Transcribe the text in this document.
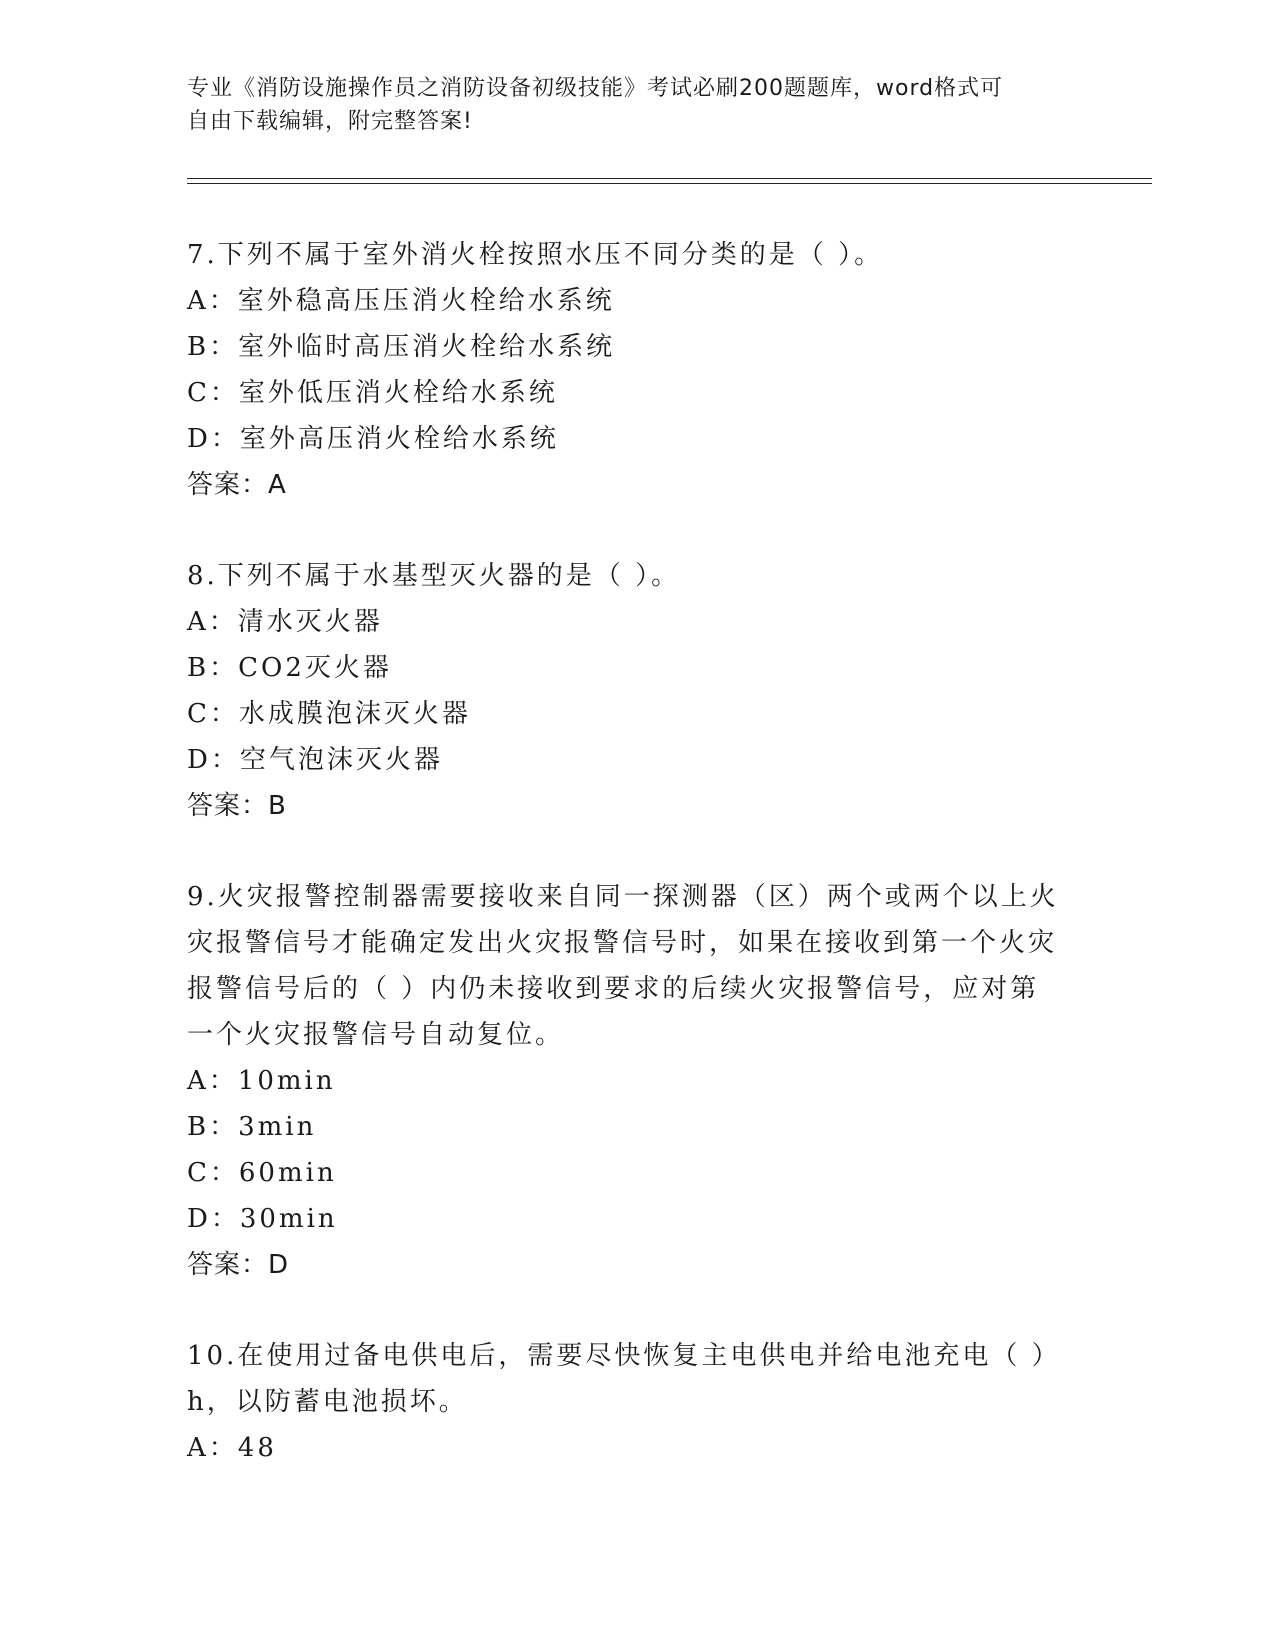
专业《消防设施操作员之消防设备初级技能》考试必刷200题题库，word格式可
自由下载编辑，附完整答案!
7.下列不属于室外消火栓按照水压不同分类的是（ ）。
A：室外稳高压压消火栓给水系统
B：室外临时高压消火栓给水系统
C：室外低压消火栓给水系统
D：室外高压消火栓给水系统
答案：A
8.下列不属于水基型灭火器的是（ ）。
A：清水灭火器
B：CO2灭火器
C：水成膜泡沫灭火器
D：空气泡沫灭火器
答案：B
9.火灾报警控制器需要接收来自同一探测器（区）两个或两个以上火
灾报警信号才能确定发出火灾报警信号时，如果在接收到第一个火灾
报警信号后的（ ）内仍未接收到要求的后续火灾报警信号，应对第
一个火灾报警信号自动复位。
A：10min
B：3min
C：60min
D：30min
答案：D
10.在使用过备电供电后，需要尽快恢复主电供电并给电池充电（ ）
h，以防蓄电池损坏。
A：48
